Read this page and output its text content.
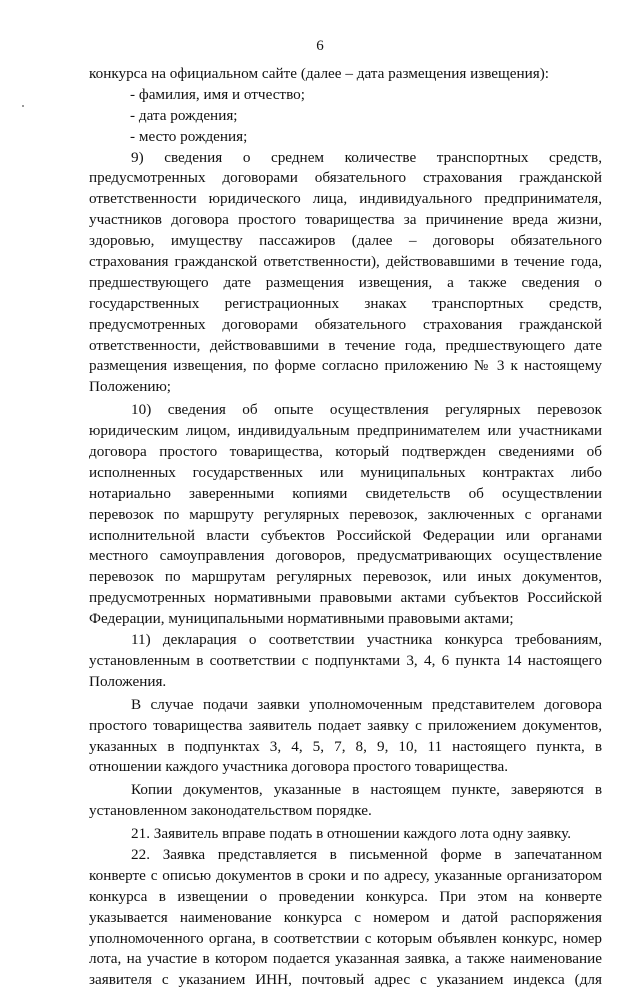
6
конкурса на официальном сайте (далее – дата размещения извещения):
- фамилия, имя и отчество;
- дата рождения;
- место рождения;
9) сведения о среднем количестве транспортных средств,
предусмотренных договорами обязательного страхования гражданской
ответственности юридического лица, индивидуального предпринимателя,
участников договора простого товарищества за причинение вреда жизни,
здоровью, имуществу пассажиров (далее – договоры обязательного
страхования гражданской ответственности), действовавшими в течение года,
предшествующего дате размещения извещения, а также сведения о
государственных регистрационных знаках транспортных средств,
предусмотренных договорами обязательного страхования гражданской
ответственности, действовавшими в течение года, предшествующего дате
размещения извещения, по форме согласно приложению № 3 к настоящему
Положению;
10) сведения об опыте осуществления регулярных перевозок
юридическим лицом, индивидуальным предпринимателем или участниками
договора простого товарищества, который подтвержден сведениями об
исполненных государственных или муниципальных контрактах либо
нотариально заверенными копиями свидетельств об осуществлении
перевозок по маршруту регулярных перевозок, заключенных с органами
исполнительной власти субъектов Российской Федерации или органами
местного самоуправления договоров, предусматривающих осуществление
перевозок по маршрутам регулярных перевозок, или иных документов,
предусмотренных нормативными правовыми актами субъектов Российской
Федерации, муниципальными нормативными правовыми актами;
11) декларация о соответствии участника конкурса требованиям,
установленным в соответствии с подпунктами 3, 4, 6 пункта 14 настоящего
Положения.
В случае подачи заявки уполномоченным представителем договора
простого товарищества заявитель подает заявку с приложением документов,
указанных в подпунктах 3, 4, 5, 7, 8, 9, 10, 11 настоящего пункта, в
отношении каждого участника договора простого товарищества.
Копии документов, указанные в настоящем пункте, заверяются в
установленном законодательством порядке.
21. Заявитель вправе подать в отношении каждого лота одну заявку.
22. Заявка представляется в письменной форме в запечатанном
конверте с описью документов в сроки и по адресу, указанные организатором
конкурса в извещении о проведении конкурса. При этом на конверте
указывается наименование конкурса с номером и датой распоряжения
уполномоченного органа, в соответствии с которым объявлен конкурс, номер
лота, на участие в котором подается указанная заявка, а также наименование
заявителя с указанием ИНН, почтовый адрес с указанием индекса (для
